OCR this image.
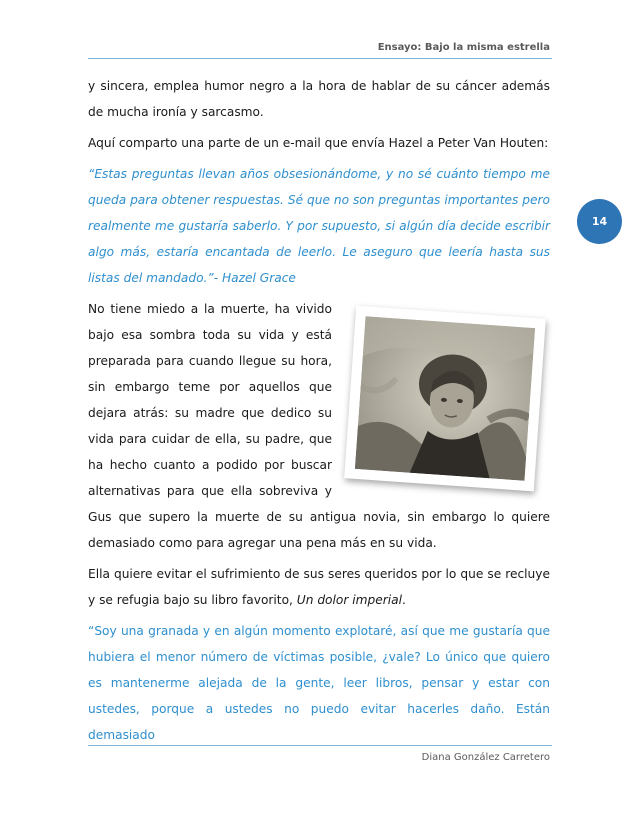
Ensayo: Bajo la misma estrella
14

y sincera, emplea humor negro a la hora de hablar de su cáncer además de mucha ironía y sarcasmo.

Aquí comparto una parte de un e-mail que envía Hazel a Peter Van Houten:

“Estas preguntas llevan años obsesionándome, y no sé cuánto tiempo me queda para obtener respuestas. Sé que no son preguntas importantes pero realmente me gustaría saberlo. Y por supuesto, si algún día decide escribir algo más, estaría encantada de leerlo. Le aseguro que leería hasta sus listas del mandado.”- Hazel Grace

No tiene miedo a la muerte, ha vivido bajo esa sombra toda su vida y está preparada para cuando llegue su hora, sin embargo teme por aquellos que dejara atrás: su madre que dedico su vida para cuidar de ella, su padre, que ha hecho cuanto a podido por buscar alternativas para que ella sobreviva y Gus que supero la muerte de su antigua novia, sin embargo lo quiere demasiado como para agregar una pena más en su vida.

Ella quiere evitar el sufrimiento de sus seres queridos por lo que se recluye y se refugia bajo su libro favorito, Un dolor imperial.

“Soy una granada y en algún momento explotaré, así que me gustaría que hubiera el menor número de víctimas posible, ¿vale? Lo único que quiero es mantenerme alejada de la gente, leer libros, pensar y estar con ustedes, porque a ustedes no puedo evitar hacerles daño. Están demasiado

Diana González Carretero
